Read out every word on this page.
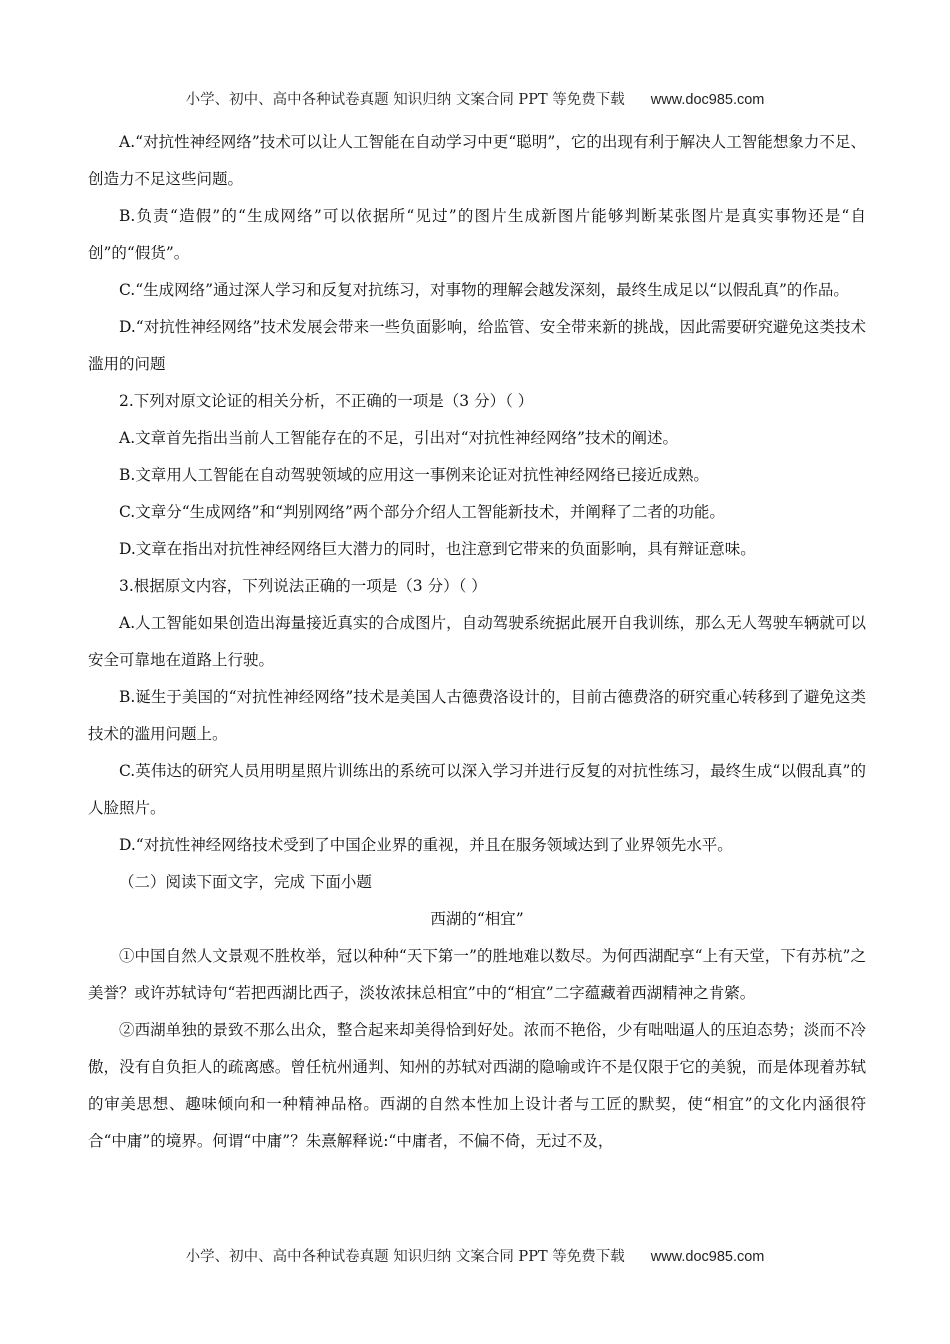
小学、初中、高中各种试卷真题 知识归纳 文案合同 PPT 等免费下载 www.doc985.com

A.“对抗性神经网络”技术可以让人工智能在自动学习中更“聪明”，它的出现有利于解决人工智能想象力不足、创造力不足这些问题。

B.负责“造假”的“生成网络”可以依据所“见过”的图片生成新图片能够判断某张图片是真实事物还是“自创”的“假货”。

C.“生成网络”通过深人学习和反复对抗练习，对事物的理解会越发深刻，最终生成足以“以假乱真”的作品。

D.“对抗性神经网络”技术发展会带来一些负面影响，给监管、安全带来新的挑战，因此需要研究避免这类技术滥用的问题

2.下列对原文论证的相关分析，不正确的一项是（3 分）（ ）

A.文章首先指出当前人工智能存在的不足，引出对“对抗性神经网络”技术的阐述。

B.文章用人工智能在自动驾驶领域的应用这一事例来论证对抗性神经网络已接近成熟。

C.文章分“生成网络”和“判别网络”两个部分介绍人工智能新技术，并阐释了二者的功能。

D.文章在指出对抗性神经网络巨大潜力的同时，也注意到它带来的负面影响，具有辩证意味。

3.根据原文内容，下列说法正确的一项是（3 分）（ ）

A.人工智能如果创造出海量接近真实的合成图片，自动驾驶系统据此展开自我训练，那么无人驾驶车辆就可以安全可靠地在道路上行驶。

B.诞生于美国的“对抗性神经网络”技术是美国人古德费洛设计的，目前古德费洛的研究重心转移到了避免这类技术的滥用问题上。

C.英伟达的研究人员用明星照片训练出的系统可以深入学习并进行反复的对抗性练习，最终生成“以假乱真”的人脸照片。

D.“对抗性神经网络技术受到了中国企业界的重视，并且在服务领域达到了业界领先水平。

（二）阅读下面文字，完成 下面小题

西湖的“相宜”

①中国自然人文景观不胜枚举，冠以种种“天下第一”的胜地难以数尽。为何西湖配享“上有天堂，下有苏杭”之美誉？或许苏轼诗句“若把西湖比西子，淡妆浓抹总相宜”中的“相宜”二字蕴藏着西湖精神之肯綮。

②西湖单独的景致不那么出众，整合起来却美得恰到好处。浓而不艳俗，少有咄咄逼人的压迫态势；淡而不冷傲，没有自负拒人的疏离感。曾任杭州通判、知州的苏轼对西湖的隐喻或许不是仅限于它的美貌，而是体现着苏轼的审美思想、趣味倾向和一种精神品格。西湖的自然本性加上设计者与工匠的默契，使“相宜”的文化内涵很符合“中庸”的境界。何谓“中庸”？朱熹解释说:“中庸者，不偏不倚，无过不及，

小学、初中、高中各种试卷真题 知识归纳 文案合同 PPT 等免费下载 www.doc985.com
